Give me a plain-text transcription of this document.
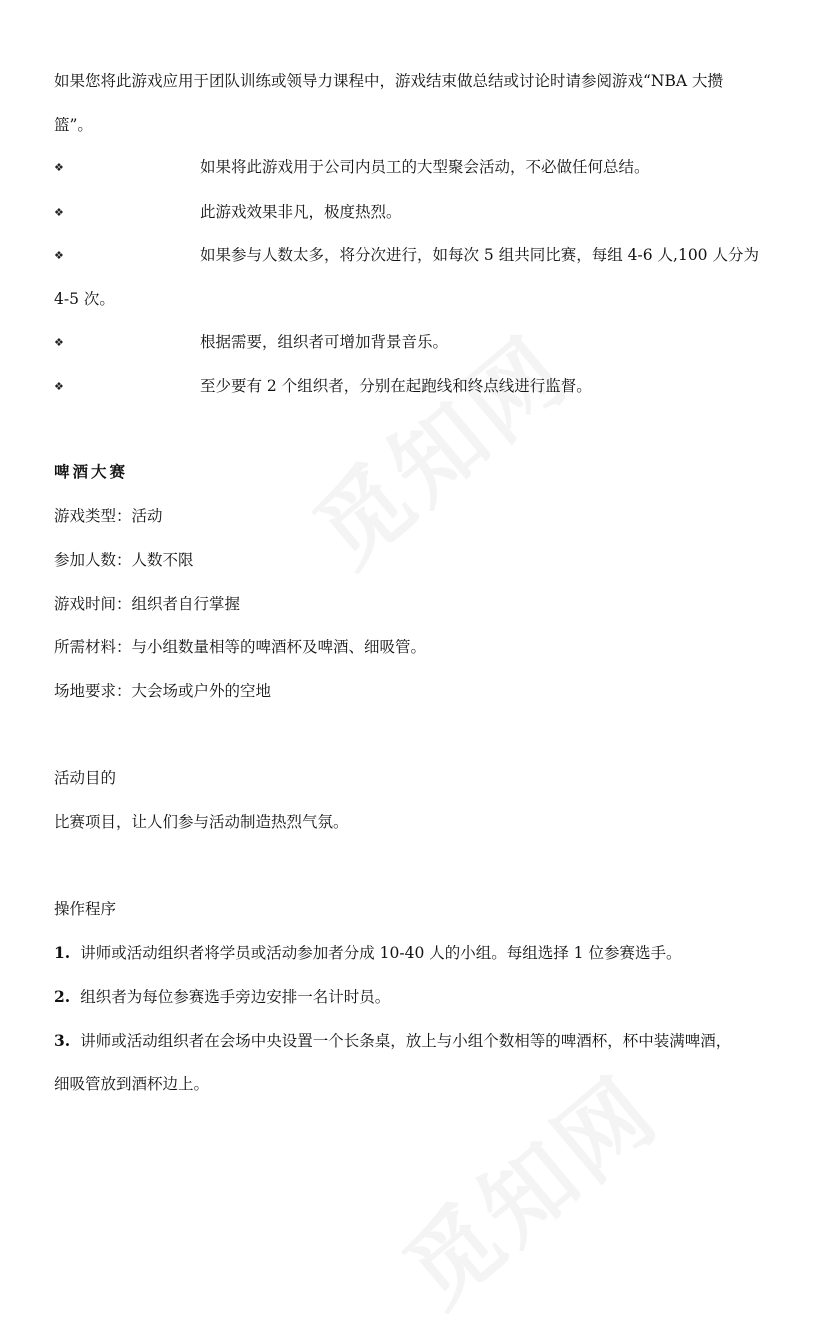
如果您将此游戏应用于团队训练或领导力课程中，游戏结束做总结或讨论时请参阅游戏“NBA 大攒
篮”。
❖	如果将此游戏用于公司内员工的大型聚会活动，不必做任何总结。
❖	此游戏效果非凡，极度热烈。
❖	如果参与人数太多，将分次进行，如每次 5 组共同比赛，每组 4-6 人,100 人分为
4-5 次。
❖	根据需要，组织者可增加背景音乐。
❖	至少要有 2 个组织者，分别在起跑线和终点线进行监督。
啤酒大赛
游戏类型：活动
参加人数：人数不限
游戏时间：组织者自行掌握
所需材料：与小组数量相等的啤酒杯及啤酒、细吸管。
场地要求：大会场或户外的空地
活动目的
比赛项目，让人们参与活动制造热烈气氛。
操作程序
1. 讲师或活动组织者将学员或活动参加者分成 10-40 人的小组。每组选择 1 位参赛选手。
2. 组织者为每位参赛选手旁边安排一名计时员。
3. 讲师或活动组织者在会场中央设置一个长条桌，放上与小组个数相等的啤酒杯，杯中装满啤酒，
细吸管放到酒杯边上。
